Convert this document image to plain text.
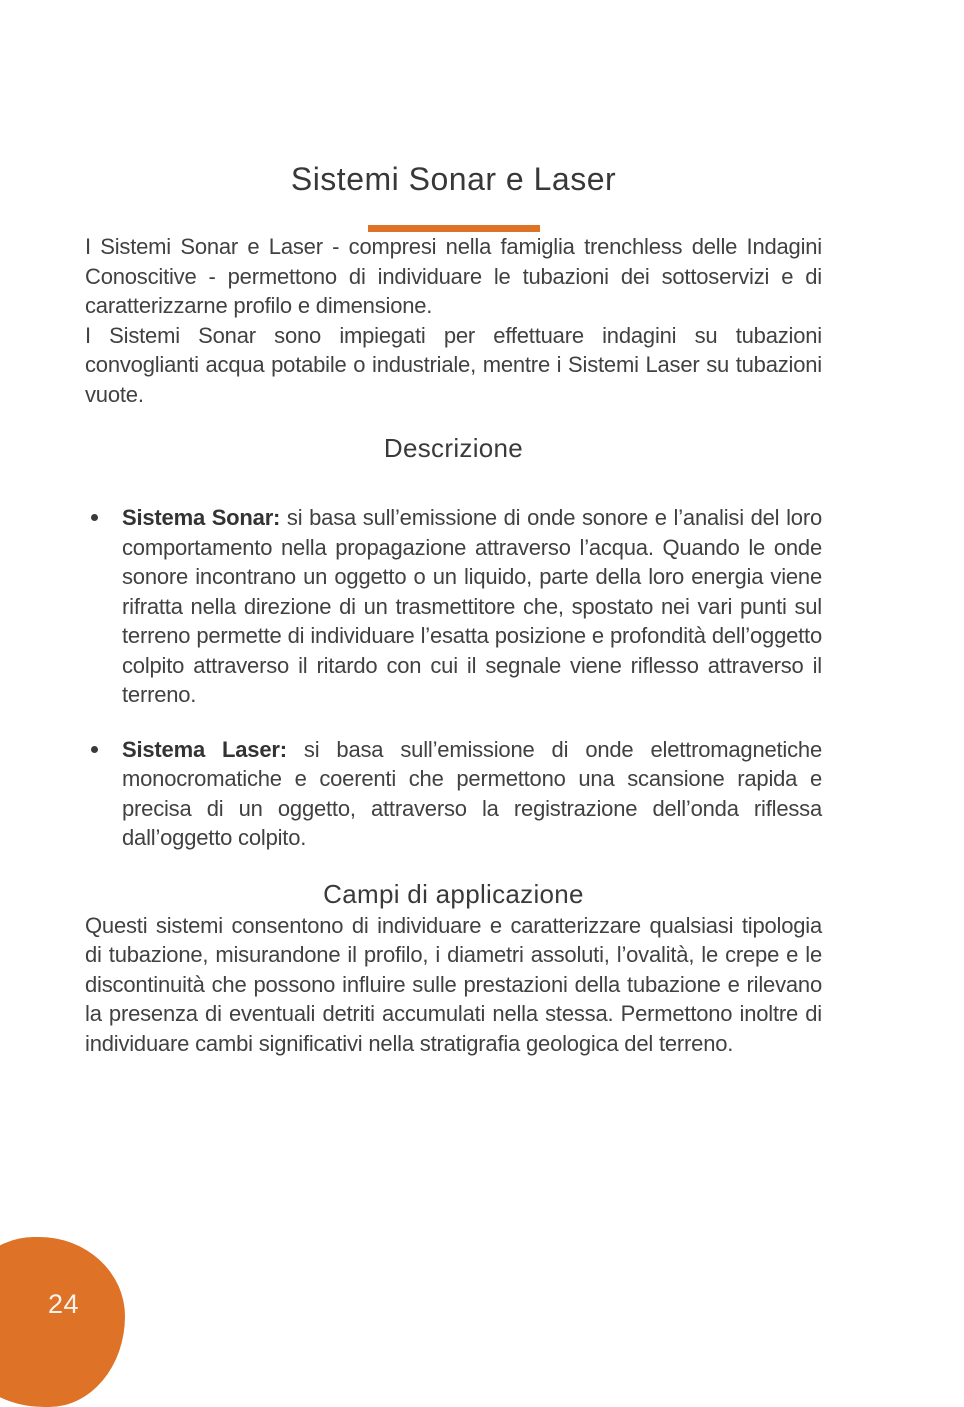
Sistemi Sonar e Laser

I Sistemi Sonar e Laser - compresi nella famiglia trenchless delle Indagini Conoscitive - permettono di individuare le tubazioni dei sottoservizi e di caratterizzarne profilo e dimensione.

I Sistemi Sonar sono impiegati per effettuare indagini su tubazioni convoglianti acqua potabile o industriale, mentre i Sistemi Laser su tubazioni vuote.

Descrizione

Sistema Sonar: si basa sull’emissione di onde sonore e l’analisi del loro comportamento nella propagazione attraverso l’acqua. Quando le onde sonore incontrano un oggetto o un liquido, parte della loro energia viene rifratta nella direzione di un trasmettitore che, spostato nei vari punti sul terreno permette di individuare l’esatta posizione e profondità dell’oggetto colpito attraverso il ritardo con cui il segnale viene riflesso attraverso il terreno.

Sistema Laser: si basa sull’emissione di onde elettromagnetiche monocromatiche e coerenti che permettono una scansione rapida e precisa di un oggetto, attraverso la registrazione dell’onda riflessa dall’oggetto colpito.

Campi di applicazione

Questi sistemi consentono di individuare e caratterizzare qualsiasi tipologia di tubazione, misurandone il profilo, i diametri assoluti, l’ovalità, le crepe e le discontinuità che possono influire sulle prestazioni della tubazione e rilevano la presenza di eventuali detriti accumulati nella stessa. Permettono inoltre di individuare cambi significativi nella stratigrafia geologica del terreno.

24
